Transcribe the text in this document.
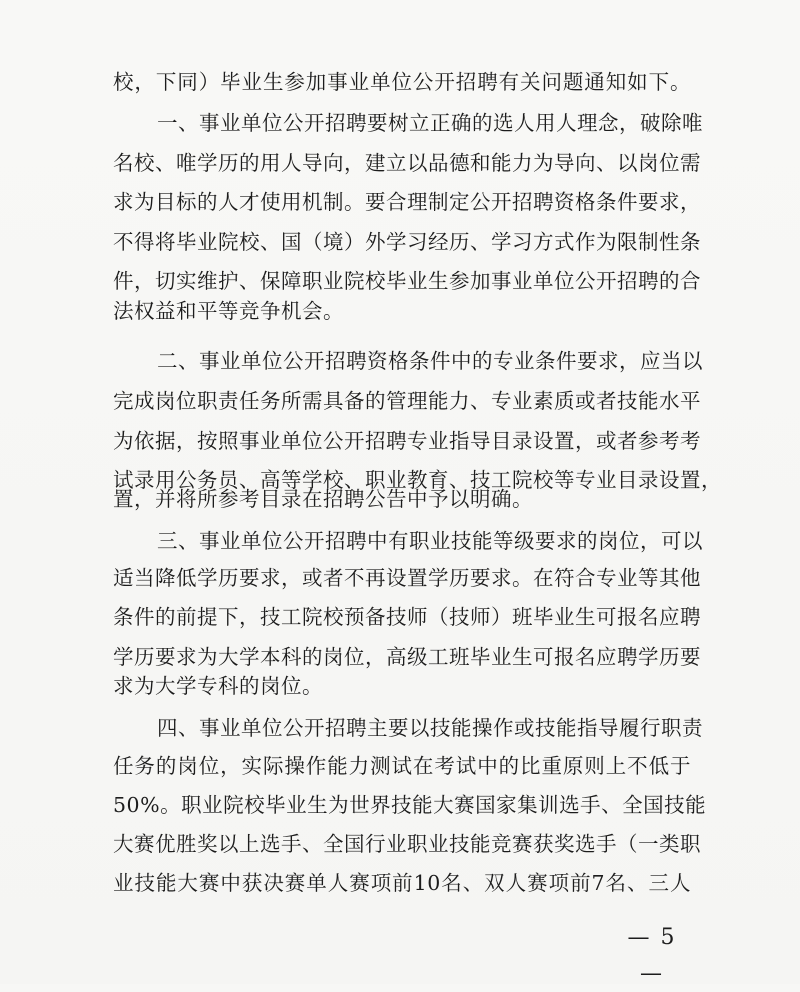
校，下同）毕业生参加事业单位公开招聘有关问题通知如下。
一、事业单位公开招聘要树立正确的选人用人理念，破除唯
名校、唯学历的用人导向，建立以品德和能力为导向、以岗位需
求为目标的人才使用机制。要合理制定公开招聘资格条件要求，
不得将毕业院校、国（境）外学习经历、学习方式作为限制性条
件，切实维护、保障职业院校毕业生参加事业单位公开招聘的合
法权益和平等竞争机会。
二、事业单位公开招聘资格条件中的专业条件要求，应当以
完成岗位职责任务所需具备的管理能力、专业素质或者技能水平
为依据，按照事业单位公开招聘专业指导目录设置，或者参考考
试录用公务员、高等学校、职业教育、技工院校等专业目录设置，
置，并将所参考目录在招聘公告中予以明确。
三、事业单位公开招聘中有职业技能等级要求的岗位，可以
适当降低学历要求，或者不再设置学历要求。在符合专业等其他
条件的前提下，技工院校预备技师（技师）班毕业生可报名应聘
学历要求为大学本科的岗位，高级工班毕业生可报名应聘学历要
求为大学专科的岗位。
四、事业单位公开招聘主要以技能操作或技能指导履行职责
任务的岗位，实际操作能力测试在考试中的比重原则上不低于
50%。职业院校毕业生为世界技能大赛国家集训选手、全国技能
大赛优胜奖以上选手、全国行业职业技能竞赛获奖选手（一类职
业技能大赛中获决赛单人赛项前10名、双人赛项前7名、三人
— 5 —
